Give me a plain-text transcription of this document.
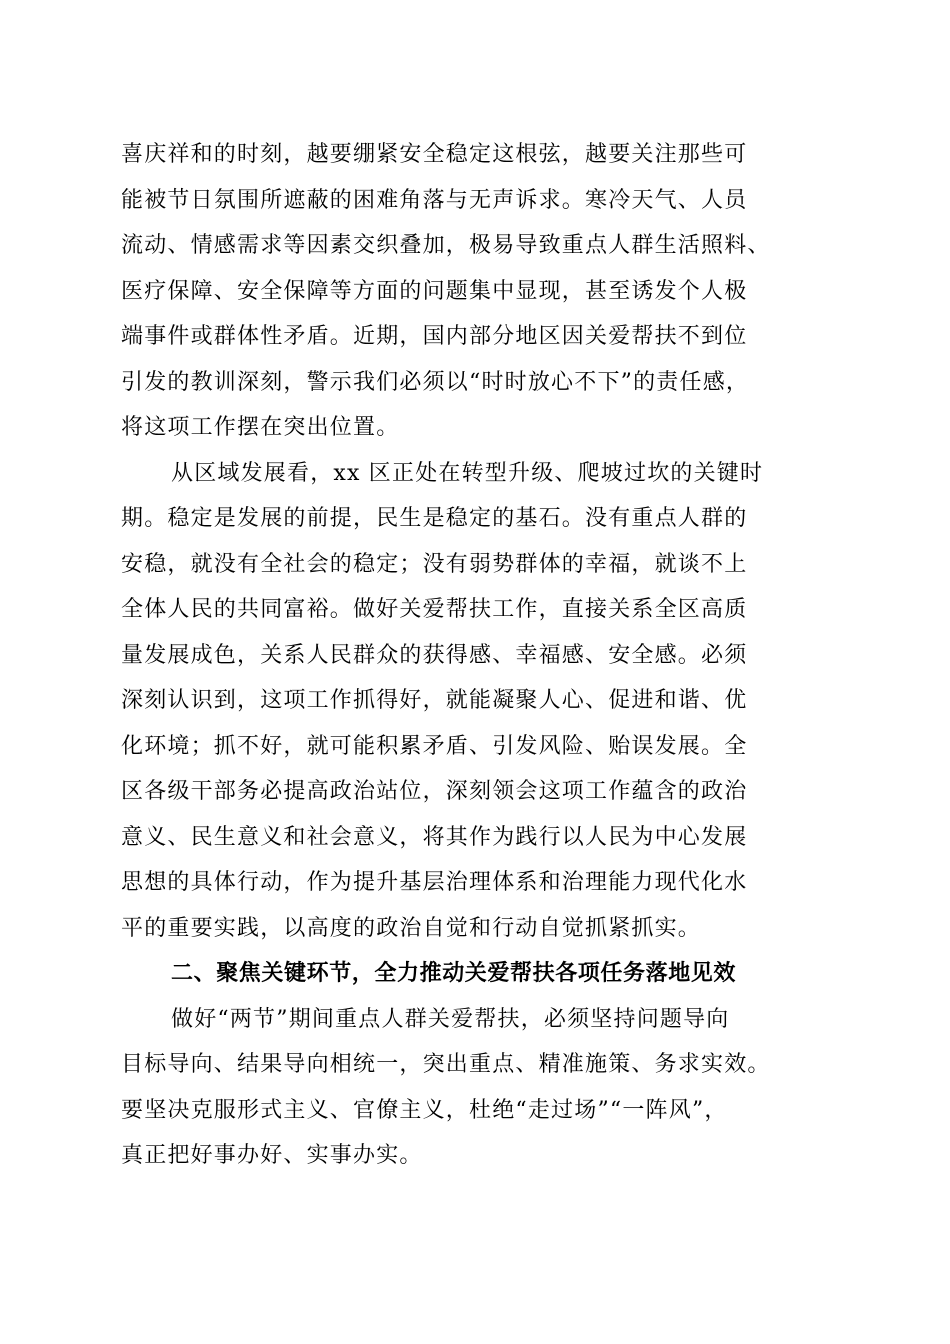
喜庆祥和的时刻，越要绷紧安全稳定这根弦，越要关注那些可
能被节日氛围所遮蔽的困难角落与无声诉求。寒冷天气、人员
流动、情感需求等因素交织叠加，极易导致重点人群生活照料、
医疗保障、安全保障等方面的问题集中显现，甚至诱发个人极
端事件或群体性矛盾。近期，国内部分地区因关爱帮扶不到位
引发的教训深刻，警示我们必须以“时时放心不下”的责任感，
将这项工作摆在突出位置。
从区域发展看，xx 区正处在转型升级、爬坡过坎的关键时
期。稳定是发展的前提，民生是稳定的基石。没有重点人群的
安稳，就没有全社会的稳定；没有弱势群体的幸福，就谈不上
全体人民的共同富裕。做好关爱帮扶工作，直接关系全区高质
量发展成色，关系人民群众的获得感、幸福感、安全感。必须
深刻认识到，这项工作抓得好，就能凝聚人心、促进和谐、优
化环境；抓不好，就可能积累矛盾、引发风险、贻误发展。全
区各级干部务必提高政治站位，深刻领会这项工作蕴含的政治
意义、民生意义和社会意义，将其作为践行以人民为中心发展
思想的具体行动，作为提升基层治理体系和治理能力现代化水
平的重要实践，以高度的政治自觉和行动自觉抓紧抓实。
二、聚焦关键环节，全力推动关爱帮扶各项任务落地见效
做好“两节”期间重点人群关爱帮扶，必须坚持问题导向
目标导向、结果导向相统一，突出重点、精准施策、务求实效。
要坚决克服形式主义、官僚主义，杜绝“走过场”“一阵风”，
真正把好事办好、实事办实。
